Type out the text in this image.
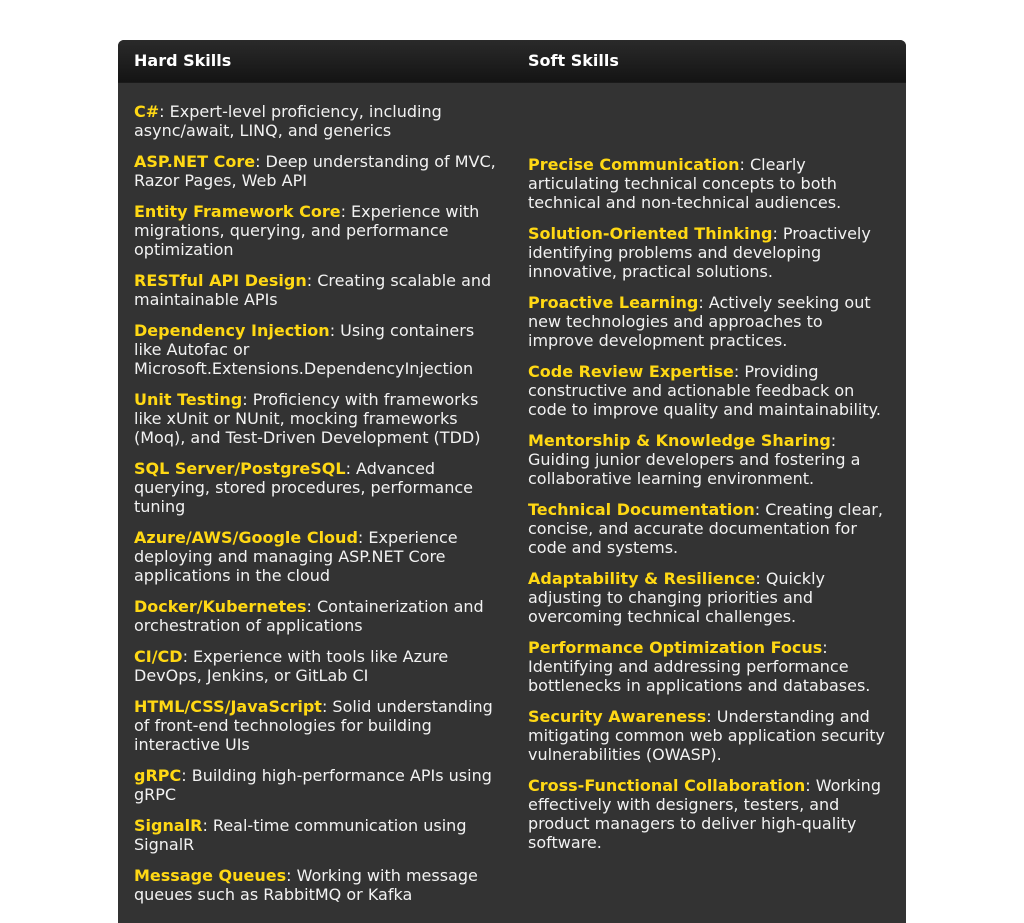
Hard Skills	Soft Skills
C#: Expert-level proficiency, including async/await, LINQ, and generics
ASP.NET Core: Deep understanding of MVC, Razor Pages, Web API
Entity Framework Core: Experience with migrations, querying, and performance optimization
RESTful API Design: Creating scalable and maintainable APIs
Dependency Injection: Using containers like Autofac or Microsoft.Extensions.DependencyInjection
Unit Testing: Proficiency with frameworks like xUnit or NUnit, mocking frameworks (Moq), and Test-Driven Development (TDD)
SQL Server/PostgreSQL: Advanced querying, stored procedures, performance tuning
Azure/AWS/Google Cloud: Experience deploying and managing ASP.NET Core applications in the cloud
Docker/Kubernetes: Containerization and orchestration of applications
CI/CD: Experience with tools like Azure DevOps, Jenkins, or GitLab CI
HTML/CSS/JavaScript: Solid understanding of front-end technologies for building interactive UIs
gRPC: Building high-performance APIs using gRPC
SignalR: Real-time communication using SignalR
Message Queues: Working with message queues such as RabbitMQ or Kafka
Precise Communication: Clearly articulating technical concepts to both technical and non-technical audiences.
Solution-Oriented Thinking: Proactively identifying problems and developing innovative, practical solutions.
Proactive Learning: Actively seeking out new technologies and approaches to improve development practices.
Code Review Expertise: Providing constructive and actionable feedback on code to improve quality and maintainability.
Mentorship & Knowledge Sharing: Guiding junior developers and fostering a collaborative learning environment.
Technical Documentation: Creating clear, concise, and accurate documentation for code and systems.
Adaptability & Resilience: Quickly adjusting to changing priorities and overcoming technical challenges.
Performance Optimization Focus: Identifying and addressing performance bottlenecks in applications and databases.
Security Awareness: Understanding and mitigating common web application security vulnerabilities (OWASP).
Cross-Functional Collaboration: Working effectively with designers, testers, and product managers to deliver high-quality software.
